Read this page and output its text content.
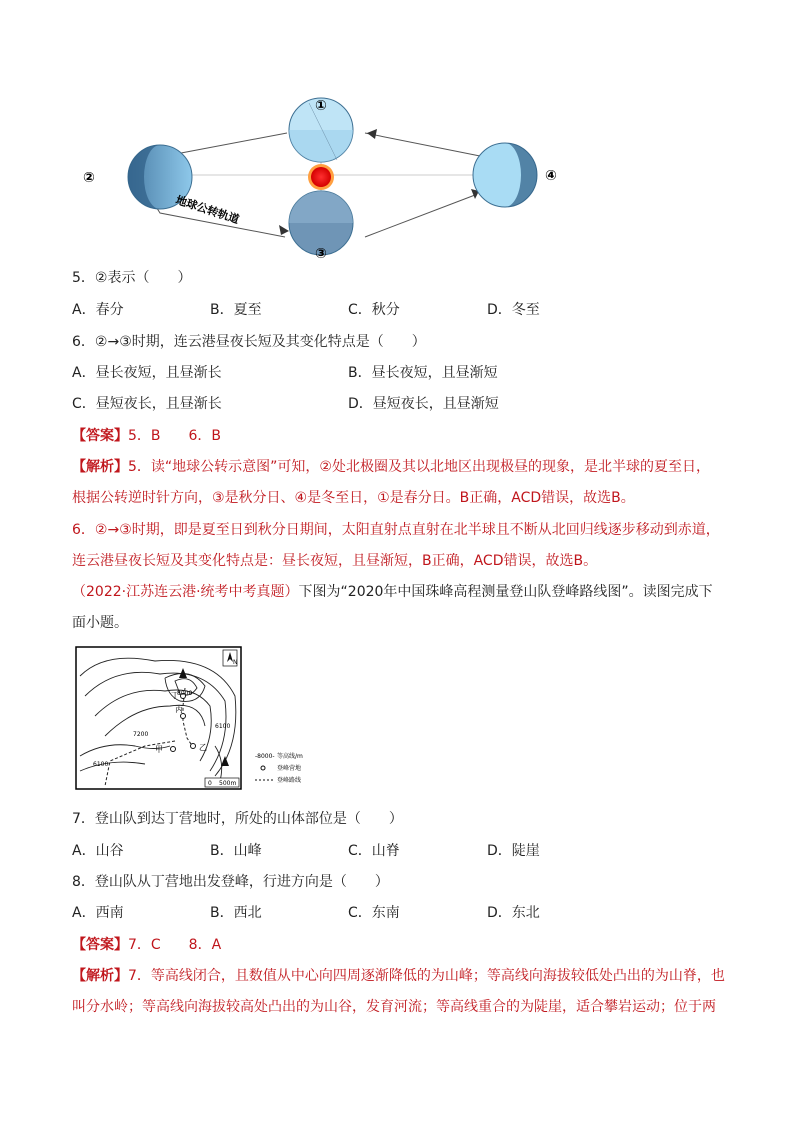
①
②
③
④
地球公转轨道
5．②表示（　　）
A．春分	B．夏至	C．秋分	D．冬至
6．②→③时期，连云港昼夜长短及其变化特点是（　　）
A．昼长夜短，且昼渐长	B．昼长夜短，且昼渐短
C．昼短夜长，且昼渐长	D．昼短夜长，且昼渐短
【答案】5．B　　6．B
【解析】5．读“地球公转示意图”可知，②处北极圈及其以北地区出现极昼的现象，是北半球的夏至日，
根据公转逆时针方向，③是秋分日、④是冬至日，①是春分日。B正确，ACD错误，故选B。
6．②→③时期，即是夏至日到秋分日期间，太阳直射点直射在北半球且不断从北回归线逐步移动到赤道，
连云港昼夜长短及其变化特点是：昼长夜短，且昼渐短，B正确，ACD错误，故选B。
（2022·江苏连云港·统考中考真题）下图为“2020年中国珠峰高程测量登山队登峰路线图”。读图完成下
面小题。
丁
丙
乙
甲
8000
7200
6100
6100
N
0 500m
-8000- 等高线/m
登峰营地
登峰路线
7．登山队到达丁营地时，所处的山体部位是（　　）
A．山谷	B．山峰	C．山脊	D．陡崖
8．登山队从丁营地出发登峰，行进方向是（　　）
A．西南	B．西北	C．东南	D．东北
【答案】7．C　　8．A
【解析】7．等高线闭合，且数值从中心向四周逐渐降低的为山峰；等高线向海拔较低处凸出的为山脊，也
叫分水岭；等高线向海拔较高处凸出的为山谷，发育河流；等高线重合的为陡崖，适合攀岩运动；位于两
